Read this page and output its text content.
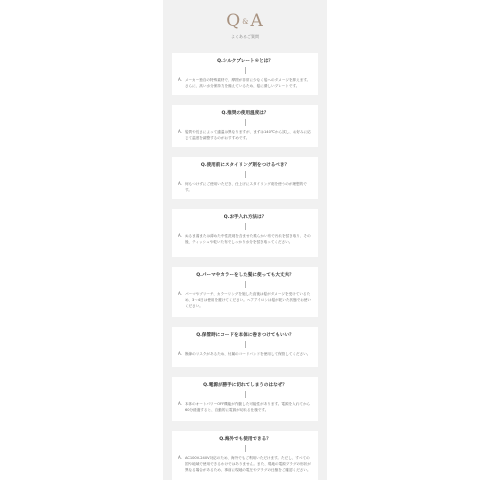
Q&A
よくあるご質問
Q.シルクプレート®とは？
A. メーカー独自の特殊素材で、摩擦が非常に少なく髪へのダメージを抑えます。さらに、高い水分保持力を備えているため、髪に優しいプレートです。
Q.推奨の使用温度は？
A. 髪質や長さによって適温は異なりますが、まずは140℃から試し、お好みに応じて温度を調整するのがおすすめです。
Q.使用前にスタイリング剤をつけるべき？
A. 何もつけずにご使用いただき、仕上げにスタイリング剤を使うのが理想的です。
Q.お手入れ方法は？
A. ぬるま湯または薄めた中性洗剤を含ませた柔らかい布で汚れを拭き取り、その後、ティッシュや乾いた布でしっかり水分を拭き取ってください。
Q.パーマやカラーをした髪に使っても大丈夫？
A. パーマやブリーチ、カラーリングを施した直後は髪がダメージを受けているため、3～4日は使用を避けてください。ヘアアイロンは髪が乾いた状態でお使いください。
Q.保管時にコードを本体に巻きつけてもいい？
A. 断線のリスクがあるため、付属のコードバンドを使用して保管してください。
Q.電源が勝手に切れてしまうのはなぜ？
A. 本体のオートパワーOFF機能が作動した可能性があります。電源を入れてから60分経過すると、自動的に電源が切れる仕様です。
Q.海外でも使用できる？
A. AC100V-240V対応のため、海外でもご利用いただけます。ただし、すべての国や地域で使用できるわけではありません。また、現地の電源プラグの形状が異なる場合があるため、事前に現地の電圧やプラグの仕様をご確認ください。
